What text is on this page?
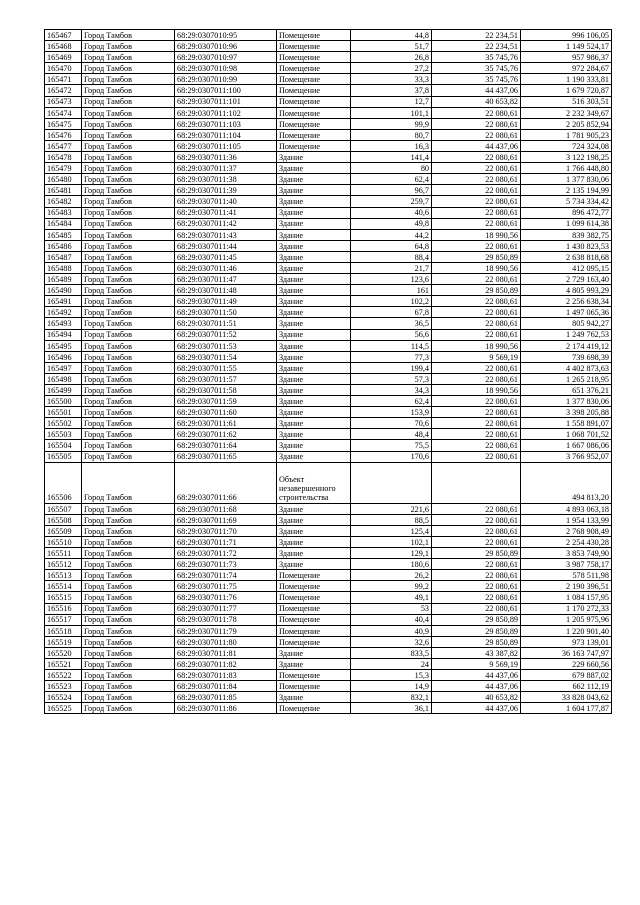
165467	Город Тамбов	68:29:0307010:95	Помещение	44,8	22 234,51	996 106,05
165468	Город Тамбов	68:29:0307010:96	Помещение	51,7	22 234,51	1 149 524,17
165469	Город Тамбов	68:29:0307010:97	Помещение	26,8	35 745,76	957 986,37
165470	Город Тамбов	68:29:0307010:98	Помещение	27,2	35 745,76	972 284,67
165471	Город Тамбов	68:29:0307010:99	Помещение	33,3	35 745,76	1 190 333,81
165472	Город Тамбов	68:29:0307011:100	Помещение	37,8	44 437,06	1 679 720,87
165473	Город Тамбов	68:29:0307011:101	Помещение	12,7	40 653,82	516 303,51
165474	Город Тамбов	68:29:0307011:102	Помещение	101,1	22 080,61	2 232 349,67
165475	Город Тамбов	68:29:0307011:103	Помещение	99,9	22 080,61	2 205 852,94
165476	Город Тамбов	68:29:0307011:104	Помещение	80,7	22 080,61	1 781 905,23
165477	Город Тамбов	68:29:0307011:105	Помещение	16,3	44 437,06	724 324,08
165478	Город Тамбов	68:29:0307011:36	Здание	141,4	22 080,61	3 122 198,25
165479	Город Тамбов	68:29:0307011:37	Здание	80	22 080,61	1 766 448,80
165480	Город Тамбов	68:29:0307011:38	Здание	62,4	22 080,61	1 377 830,06
165481	Город Тамбов	68:29:0307011:39	Здание	96,7	22 080,61	2 135 194,99
165482	Город Тамбов	68:29:0307011:40	Здание	259,7	22 080,61	5 734 334,42
165483	Город Тамбов	68:29:0307011:41	Здание	40,6	22 080,61	896 472,77
165484	Город Тамбов	68:29:0307011:42	Здание	49,8	22 080,61	1 099 614,38
165485	Город Тамбов	68:29:0307011:43	Здание	44,2	18 990,56	839 382,75
165486	Город Тамбов	68:29:0307011:44	Здание	64,8	22 080,61	1 430 823,53
165487	Город Тамбов	68:29:0307011:45	Здание	88,4	29 850,89	2 638 818,68
165488	Город Тамбов	68:29:0307011:46	Здание	21,7	18 990,56	412 095,15
165489	Город Тамбов	68:29:0307011:47	Здание	123,6	22 080,61	2 729 163,40
165490	Город Тамбов	68:29:0307011:48	Здание	161	29 850,89	4 805 993,29
165491	Город Тамбов	68:29:0307011:49	Здание	102,2	22 080,61	2 256 638,34
165492	Город Тамбов	68:29:0307011:50	Здание	67,8	22 080,61	1 497 065,36
165493	Город Тамбов	68:29:0307011:51	Здание	36,5	22 080,61	805 942,27
165494	Город Тамбов	68:29:0307011:52	Здание	56,6	22 080,61	1 249 762,53
165495	Город Тамбов	68:29:0307011:53	Здание	114,5	18 990,56	2 174 419,12
165496	Город Тамбов	68:29:0307011:54	Здание	77,3	9 569,19	739 698,39
165497	Город Тамбов	68:29:0307011:55	Здание	199,4	22 080,61	4 402 873,63
165498	Город Тамбов	68:29:0307011:57	Здание	57,3	22 080,61	1 265 218,95
165499	Город Тамбов	68:29:0307011:58	Здание	34,3	18 990,56	651 376,21
165500	Город Тамбов	68:29:0307011:59	Здание	62,4	22 080,61	1 377 830,06
165501	Город Тамбов	68:29:0307011:60	Здание	153,9	22 080,61	3 398 205,88
165502	Город Тамбов	68:29:0307011:61	Здание	70,6	22 080,61	1 558 891,07
165503	Город Тамбов	68:29:0307011:62	Здание	48,4	22 080,61	1 068 701,52
165504	Город Тамбов	68:29:0307011:64	Здание	75,5	22 080,61	1 667 086,06
165505	Город Тамбов	68:29:0307011:65	Здание	170,6	22 080,61	3 766 952,07
165506	Город Тамбов	68:29:0307011:66	Объект незавершенного строительства			494 813,20
165507	Город Тамбов	68:29:0307011:68	Здание	221,6	22 080,61	4 893 063,18
165508	Город Тамбов	68:29:0307011:69	Здание	88,5	22 080,61	1 954 133,99
165509	Город Тамбов	68:29:0307011:70	Здание	125,4	22 080,61	2 768 908,49
165510	Город Тамбов	68:29:0307011:71	Здание	102,1	22 080,61	2 254 430,28
165511	Город Тамбов	68:29:0307011:72	Здание	129,1	29 850,89	3 853 749,90
165512	Город Тамбов	68:29:0307011:73	Здание	180,6	22 080,61	3 987 758,17
165513	Город Тамбов	68:29:0307011:74	Помещение	26,2	22 080,61	578 511,98
165514	Город Тамбов	68:29:0307011:75	Помещение	99,2	22 080,61	2 190 396,51
165515	Город Тамбов	68:29:0307011:76	Помещение	49,1	22 080,61	1 084 157,95
165516	Город Тамбов	68:29:0307011:77	Помещение	53	22 080,61	1 170 272,33
165517	Город Тамбов	68:29:0307011:78	Помещение	40,4	29 850,89	1 205 975,96
165518	Город Тамбов	68:29:0307011:79	Помещение	40,9	29 850,89	1 220 901,40
165519	Город Тамбов	68:29:0307011:80	Помещение	32,6	29 850,89	973 139,01
165520	Город Тамбов	68:29:0307011:81	Здание	833,5	43 387,82	36 163 747,97
165521	Город Тамбов	68:29:0307011:82	Здание	24	9 569,19	229 660,56
165522	Город Тамбов	68:29:0307011:83	Помещение	15,3	44 437,06	679 887,02
165523	Город Тамбов	68:29:0307011:84	Помещение	14,9	44 437,06	662 112,19
165524	Город Тамбов	68:29:0307011:85	Здание	832,1	40 653,82	33 828 043,62
165525	Город Тамбов	68:29:0307011:86	Помещение	36,1	44 437,06	1 604 177,87
